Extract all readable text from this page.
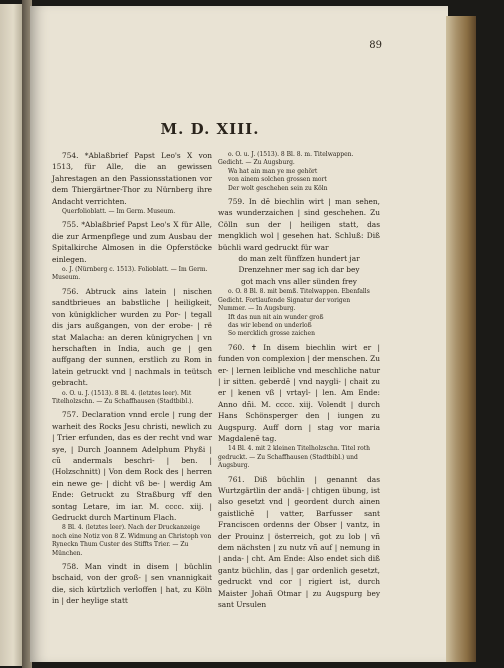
89
M. D. XIII.
754. *Ablaßbrief Papst Leo's X von 1513, für Alle, die an gewissen Jahrestagen an den Passionsstationen vor dem Thiergärtner-Thor zu Nürnberg ihre Andacht verrichten.
Querfolioblatt. — Im Germ. Museum.
755. *Ablaßbrief Papst Leo's X für Alle, die zur Armenpflege und zum Ausbau der Spitalkirche Almosen in die Opferstöcke einlegen.
o. J. (Nürnberg c. 1513). Folioblatt. — Im Germ. Museum.
756. Abtruck ains latein | nischen sandtbrieues an babstliche | heiligkeit, von künigklicher wurden zu Por- | tegall dis jars außgangen, von der erobe- | rë stat Malacha: an deren künigrychen | vn herschaften in India, auch ge | gen auffgang der sunnen, erstlich zu Rom in latein getruckt vnd | nachmals in teütsch gebracht.
o. O. u. J. (1513). 8 Bl. 4. (letztes leer). Mit Titelholzschn. — Zu Schaffhausen (Stadtbibl.).
757. Declaration vnnd ercle | rung der warheit des Rocks Jesu christi, newlich zu | Trier erfunden, das es der recht vnd war sye, | Durch Joannem Adelphum Phyßi | cũ andermals beschri- | ben. | (Holzschnitt) | Von dem Rock des | herren ein newe ge- | dicht vß be- | werdig Am Ende: Getruckt zu Straßburg vff den sontag Letare, im iar. M. cccc. xiij. | Gedruckt durch Martinum Flach.
8 Bl. 4. (letztes leer). Nach der Druckanzeige noch eine Notiz von 8 Z. Widmung an Christoph von Ryneckn Thum Custer des Stiffts Trier. — Zu München.
758. Man vindt in disem | büchlin bschaid, von der groß- | sen vnannigkait die, sich kürtzlich verloffen | hat, zu Köln in | der heylige statt
o. O. u. J. (1513). 8 Bl. 8. m. Titelwappen. Gedicht. — Zu Augsburg.
Wa hat ain man ye me gehört
von ainem solchen grossen mort
Der wolt geschehen sein zu Köln
759. In dē biechlin wirt | man sehen, was wunderzaichen | sind geschehen. Zu Cölln sun der | heiligen statt, das mengklich wol | gesehen hat. Schluß: Diß büchli ward gedruckt für war
do man zelt fünffzen hundert jar
Drenzehner mer sag ich dar bey
got mach vns aller sünden frey
o. O. 8 Bl. 8. mit bemß. Titelwappen. Ebenfalls Gedicht. Fortlaufende Signatur der vorigen Nummer. — In Augsburg.
Ift das nun nit ain wunder groß
das wir lebend on underloß
So mercklich grosse zaichen
760. ✝ In disem biechlin wirt er | funden von complexion | der menschen. Zu er- | lernen leibliche vnd meschliche natur | ir sitten. geberdē | vnd naygli- | chait zu er | kenen vß | vrtayl- | len. Am Ende: Anno dñi. M. cccc. xiij. Volendt | durch Hans Schönsperger den | iungen zu Augspurg. Auff dorn | stag vor maria Magdalenē tag.
14 Bl. 4. mit 2 kleinen Titelholzschn. Titel roth gedruckt. — Zu Schaffhausen (Stadtbibl.) und Augsburg.
761. Diß büchlin | genannt das Wurtzgärtlin der andä- | chtigen übung, ist also gesetzt vnd | geordent durch ainen gaistlichē | vatter, Barfusser sant Franciscen ordenns der Obser | vantz, in der Prouinz | österreich, got zu lob | vñ dem nächsten | zu nutz vñ auf | nemung in | anda- | cht. Am Ende: Also endet sich diß gantz büchlin, das | gar ordenlich gesetzt, gedruckt vnd cor | rigiert ist, durch Maister Johañ Otmar | zu Augspurg bey sant Ursulen
